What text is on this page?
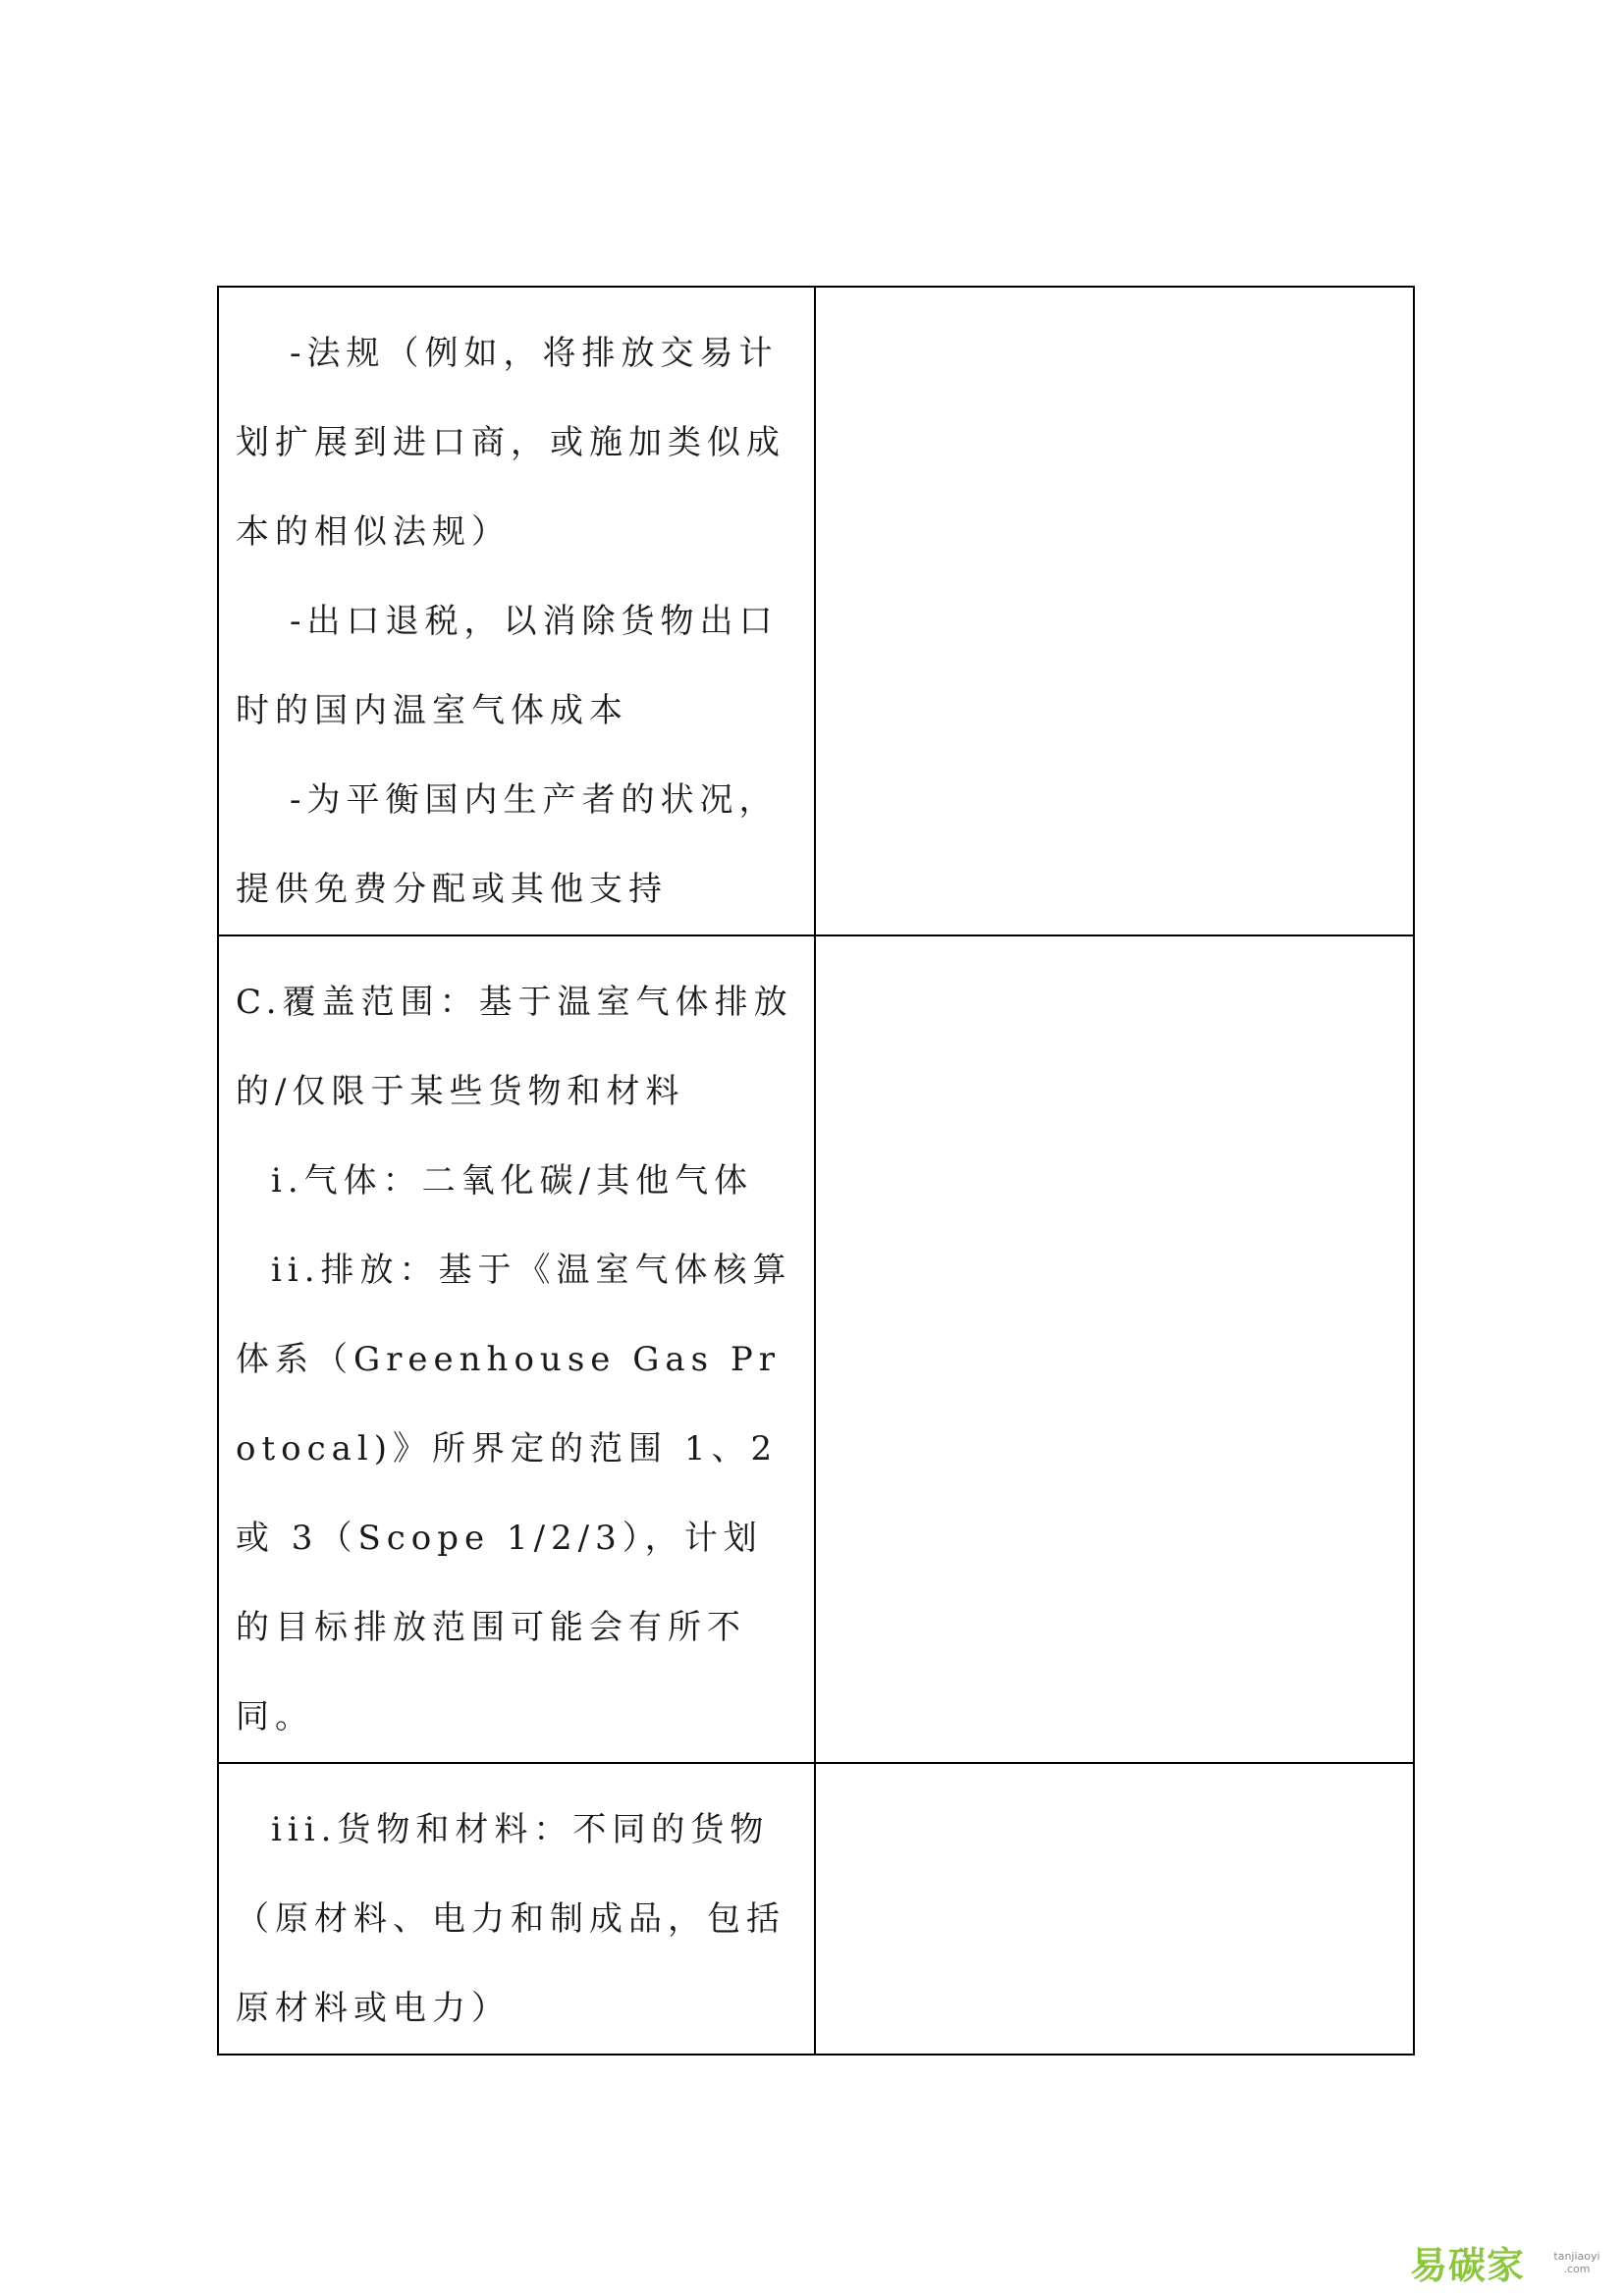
-法规（例如，将排放交易计划扩展到进口商，或施加类似成本的相似法规）

-出口退税，以消除货物出口时的国内温室气体成本

-为平衡国内生产者的状况，提供免费分配或其他支持	

C.覆盖范围：基于温室气体排放的/仅限于某些货物和材料

i.气体：二氧化碳/其他气体

ii.排放：基于《温室气体核算体系（Greenhouse Gas Protocal)》所界定的范围 1、2 或 3（Scope 1/2/3），计划的目标排放范围可能会有所不同。	

iii.货物和材料：不同的货物（原材料、电力和制成品，包括原材料或电力）	

易碳家	tanjiaoyi
.com
